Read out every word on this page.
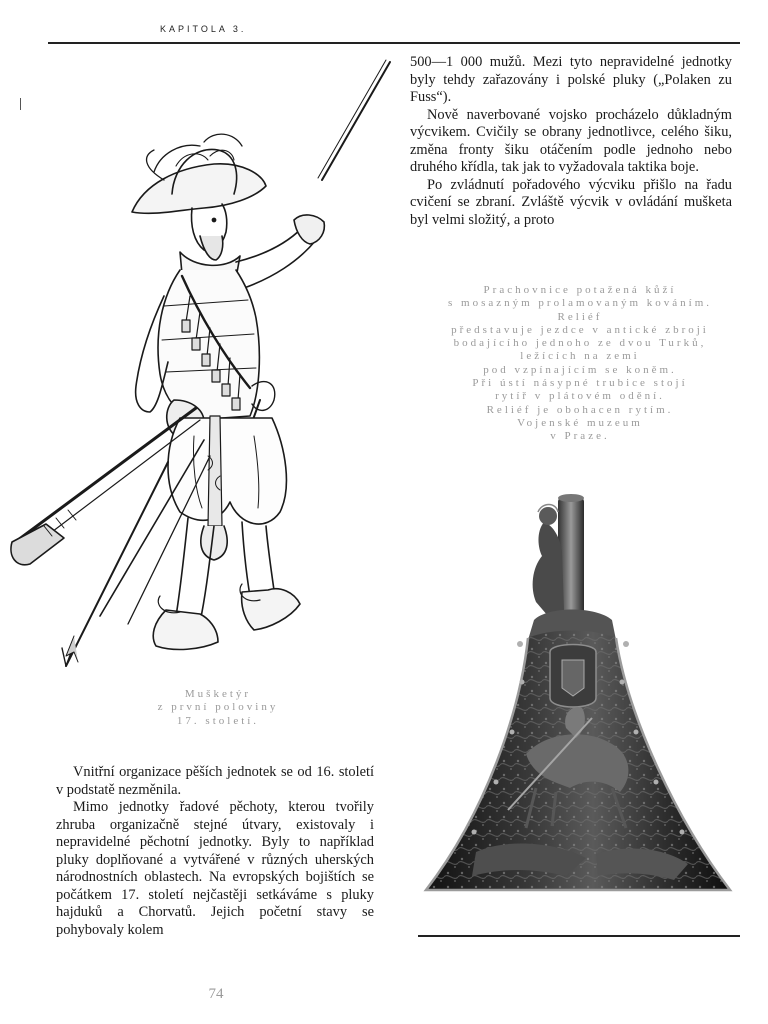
KAPITOLA 3.

500—1 000 mužů. Mezi tyto nepravidelné jednotky byly tehdy zařazovány i polské pluky („Polaken zu Fuss“).

Nově naverbované vojsko procházelo důkladným výcvikem. Cvičily se obrany jednotlivce, celého šiku, změna fronty šiku otáčením podle jednoho nebo druhého křídla, tak jak to vyžadovala taktika boje.

Po zvládnutí pořadového výcviku přišlo na řadu cvičení se zbraní. Zvláště výcvik v ovládání mušketa byl velmi složitý, a proto

Prachovnice potažená kůží
s mosazným prolamovaným kováním.
Reliéf
představuje jezdce v antické zbroji
bodajícího jednoho ze dvou Turků,
ležících na zemi
pod vzpínajícím se koněm.
Při ústí násypné trubice stojí
rytíř v plátovém odění.
Reliéf je obohacen rytím.
Vojenské muzeum
v Praze.
Mušketýr
z první poloviny
17. století.

Vnitřní organizace pěších jednotek se od 16. století v podstatě nezměnila.

Mimo jednotky řadové pěchoty, kterou tvořily zhruba organizačně stejné útvary, existovaly i nepravidelné pěchotní jednotky. Byly to například pluky doplňované a vytvářené v různých uherských národnostních oblastech. Na evropských bojištích se počátkem 17. století nejčastěji setkáváme s pluky hajduků a Chorvatů. Jejich početní stavy se pohybovaly kolem

74
